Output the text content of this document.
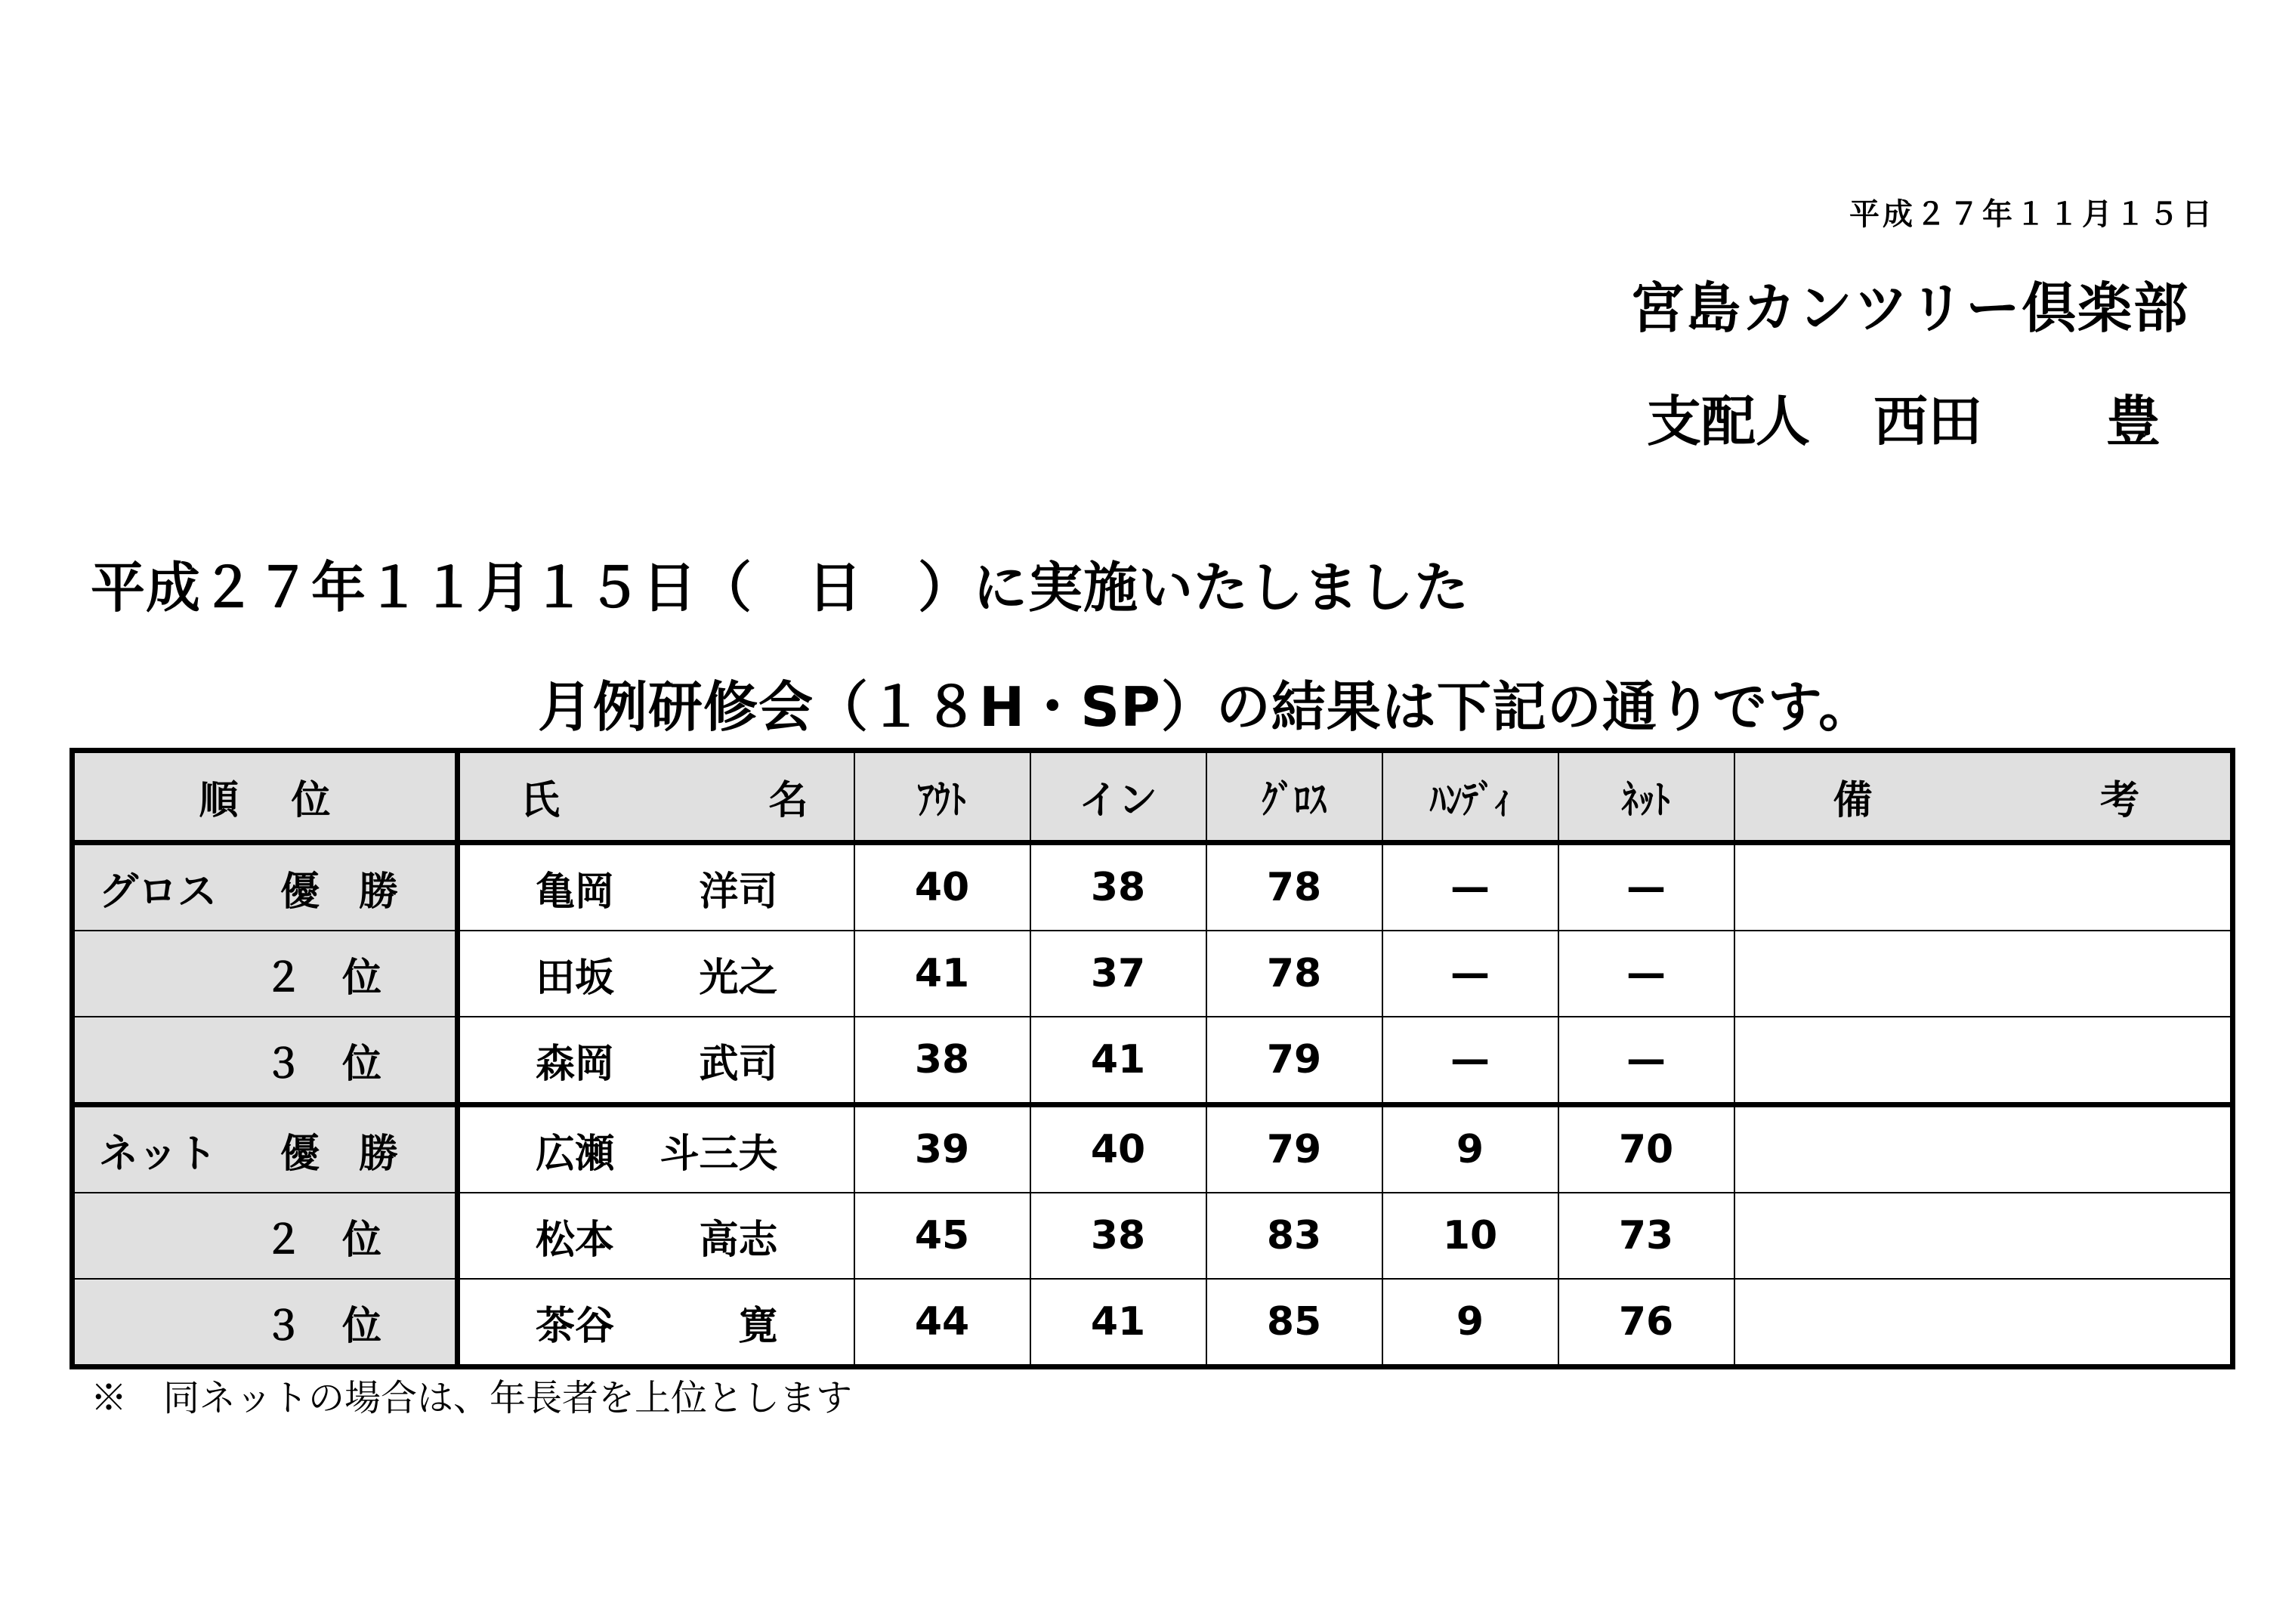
平成２７年１１月１５日
宮島カンツリー倶楽部
支配人 西田 豊
平成２７年１１月１５日（　日　）に実施いたしました
月例研修会（１８H・SP）の結果は下記の通りです。
順 位	氏 名	ｱｳﾄ	イン	ｸﾞﾛｽ	ﾊﾝﾃﾞｨ	ﾈｯﾄ	備 考

グロス 優　勝	亀岡 洋司	40	38	78	—	—	

２　位	田坂 光之	41	37	78	—	—	

３　位	森岡 武司	38	41	79	—	—	

ネット 優　勝	広瀬 斗三夫	39	40	79	9	70	

２　位	松本 高志	45	38	83	10	73	

３　位	茶谷 寛	44	41	85	9	76	
※　同ネットの場合は、年長者を上位とします
